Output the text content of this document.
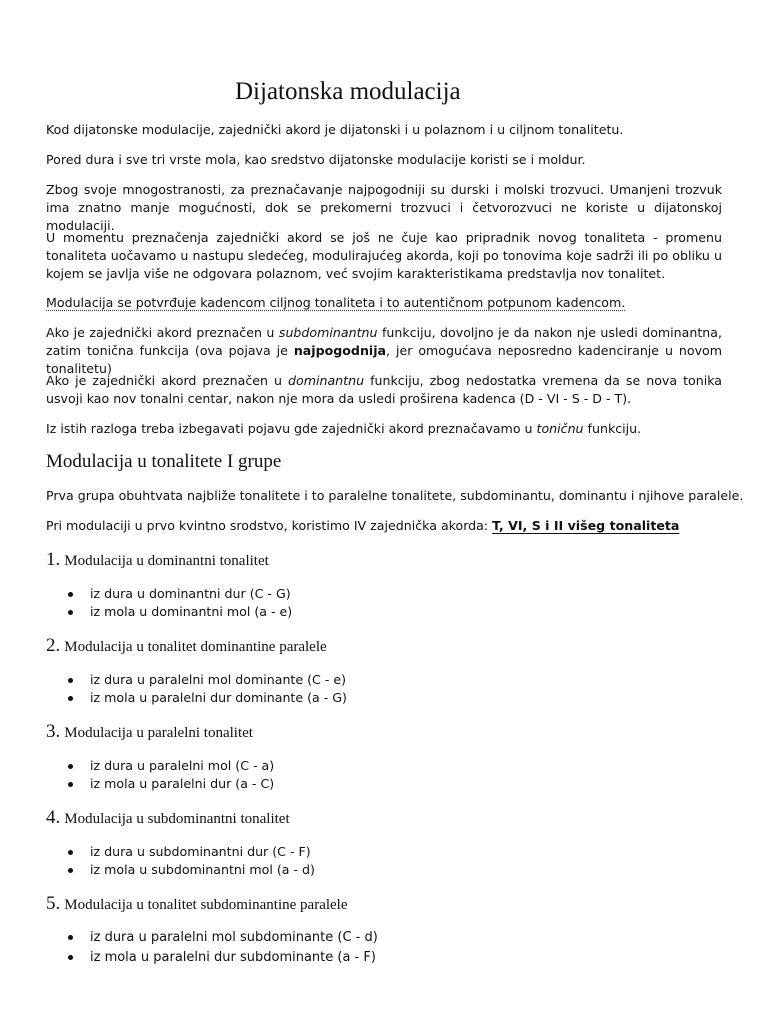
Dijatonska modulacija

Kod dijatonske modulacije, zajednički akord je dijatonski i u polaznom i u ciljnom tonalitetu.

Pored dura i sve tri vrste mola, kao sredstvo dijatonske modulacije koristi se i moldur.

Zbog svoje mnogostranosti, za preznačavanje najpogodniji su durski i molski trozvuci. Umanjeni trozvuk ima znatno manje mogućnosti, dok se prekomerni trozvuci i četvorozvuci ne koriste u dijatonskoj modulaciji.

U momentu preznačenja zajednički akord se još ne čuje kao pripradnik novog tonaliteta - promenu tonaliteta uočavamo u nastupu sledećeg, modulirajućeg akorda, koji po tonovima koje sadrži ili po obliku u kojem se javlja više ne odgovara polaznom, već svojim karakteristikama predstavlja nov tonalitet.

Modulacija se potvrđuje kadencom ciljnog tonaliteta i to autentičnom potpunom kadencom.

Ako je zajednički akord preznačen u subdominantnu funkciju, dovoljno je da nakon nje usledi dominantna, zatim tonična funkcija (ova pojava je najpogodnija, jer omogućava neposredno kadenciranje u novom tonalitetu)

Ako je zajednički akord preznačen u dominantnu funkciju, zbog nedostatka vremena da se nova tonika usvoji kao nov tonalni centar, nakon nje mora da usledi proširena kadenca (D - VI - S - D - T).

Iz istih razloga treba izbegavati pojavu gde zajednički akord preznačavamo u toničnu funkciju.

Modulacija u tonalitete I grupe

Prva grupa obuhtvata najbliže tonalitete i to paralelne tonalitete, subdominantu, dominantu i njihove paralele.

Pri modulaciji u prvo kvintno srodstvo, koristimo IV zajednička akorda: T, VI, S i II višeg tonaliteta

1. Modulacija u dominantni tonalitet
iz dura u dominantni dur (C - G)
iz mola u dominantni mol (a - e)
2. Modulacija u tonalitet dominantine paralele
iz dura u paralelni mol dominante (C - e)
iz mola u paralelni dur dominante (a - G)
3. Modulacija u paralelni tonalitet
iz dura u paralelni mol (C - a)
iz mola u paralelni dur (a - C)
4. Modulacija u subdominantni tonalitet
iz dura u subdominantni dur (C - F)
iz mola u subdominantni mol (a - d)
5. Modulacija u tonalitet subdominantine paralele
iz dura u paralelni mol subdominante (C - d)
iz mola u paralelni dur subdominante (a - F)
